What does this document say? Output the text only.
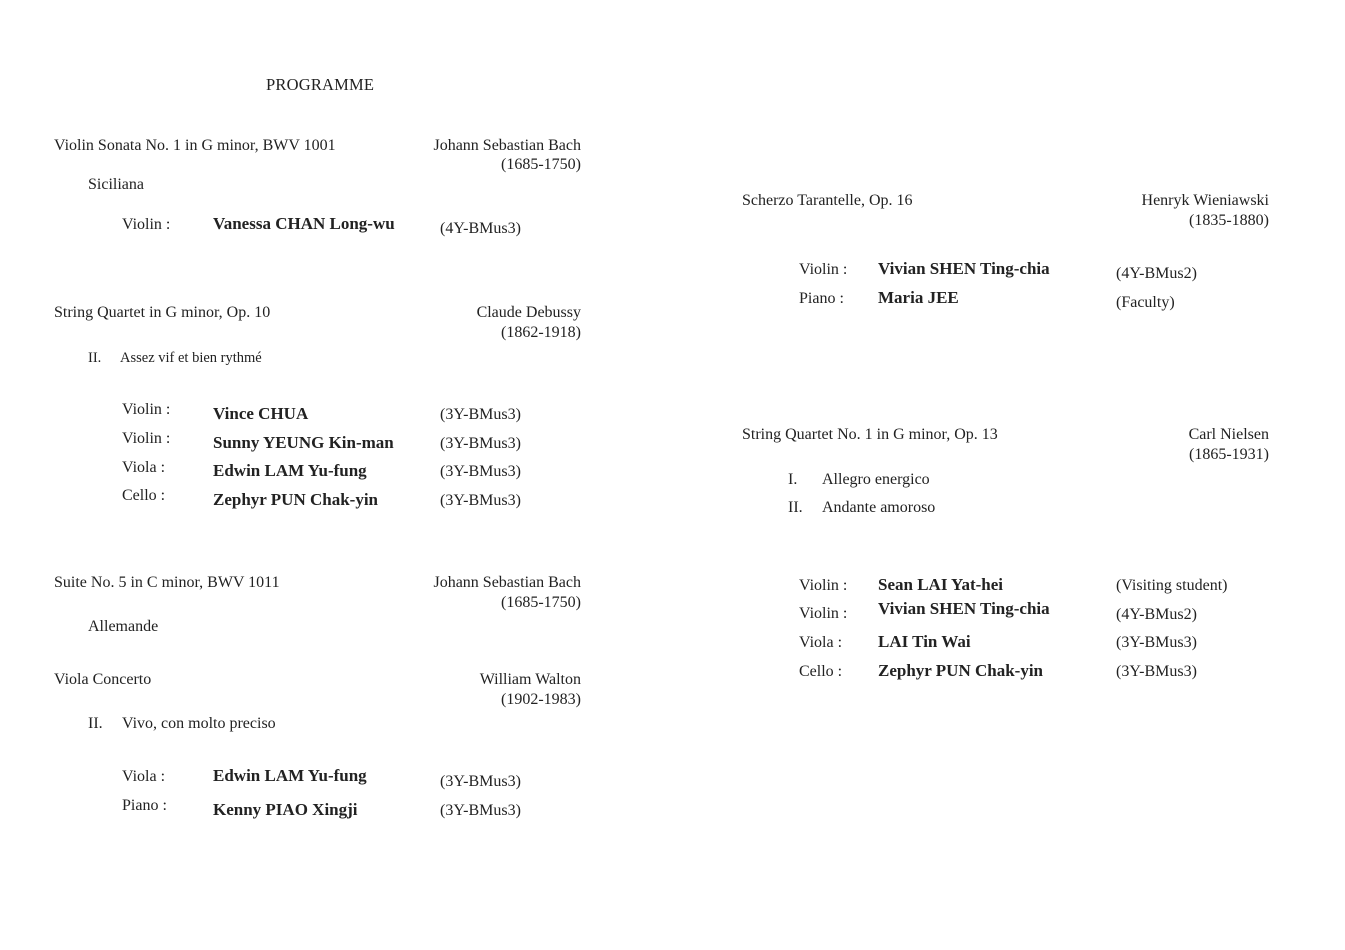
PROGRAMME
Violin Sonata No. 1 in G minor, BWV 1001	Johann Sebastian Bach
(1685-1750)
Siciliana
Violin :	Vanessa CHAN Long-wu	(4Y-BMus3)
String Quartet in G minor, Op. 10	Claude Debussy
(1862-1918)
II. Assez vif et bien rythmé
Violin :	Vince CHUA	(3Y-BMus3)
Violin :	Sunny YEUNG Kin-man	(3Y-BMus3)
Viola :	Edwin LAM Yu-fung	(3Y-BMus3)
Cello :	Zephyr PUN Chak-yin	(3Y-BMus3)
Suite No. 5 in C minor, BWV 1011	Johann Sebastian Bach
(1685-1750)
Allemande
Viola Concerto	William Walton
(1902-1983)
II. Vivo, con molto preciso
Viola :	Edwin LAM Yu-fung	(3Y-BMus3)
Piano :	Kenny PIAO Xingji	(3Y-BMus3)
Scherzo Tarantelle, Op. 16	Henryk Wieniawski
(1835-1880)
Violin : Vivian SHEN Ting-chia	(4Y-BMus2)
Piano : Maria JEE	(Faculty)
String Quartet No. 1 in G minor, Op. 13	Carl Nielsen
(1865-1931)
I. Allegro energico
II. Andante amoroso
Violin : Sean LAI Yat-hei	(Visiting student)
Violin : Vivian SHEN Ting-chia	(4Y-BMus2)
Viola : LAI Tin Wai	(3Y-BMus3)
Cello : Zephyr PUN Chak-yin	(3Y-BMus3)
